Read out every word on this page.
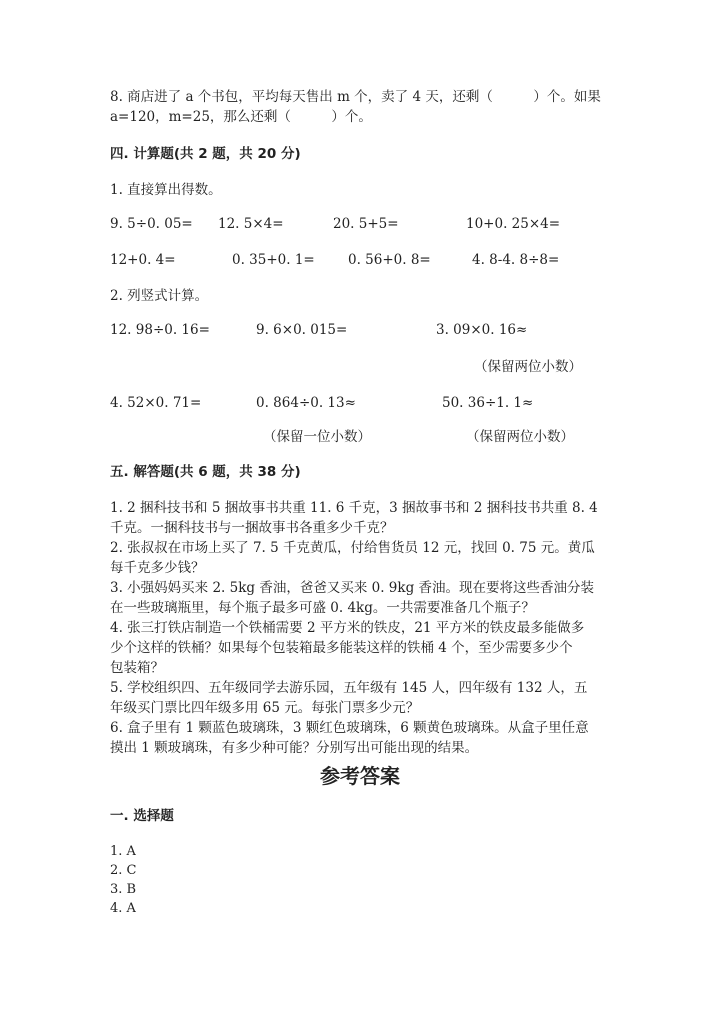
8. 商店进了 a 个书包，平均每天售出 m 个，卖了 4 天，还剩（　　　）个。如果
a=120，m=25，那么还剩（　　　）个。
四. 计算题(共 2 题，共 20 分)
1. 直接算出得数。
9. 5÷0. 05= 12. 5×4=	20. 5+5=	10+0. 25×4=
12+0. 4=	0. 35+0. 1= 0. 56+0. 8=	4. 8-4. 8÷8=
2. 列竖式计算。
12. 98÷0. 16=	9. 6×0. 015=	3. 09×0. 16≈
（保留两位小数）
4. 52×0. 71=	0. 864÷0. 13≈	50. 36÷1. 1≈
（保留一位小数）	（保留两位小数）
五. 解答题(共 6 题，共 38 分)
1. 2 捆科技书和 5 捆故事书共重 11. 6 千克，3 捆故事书和 2 捆科技书共重 8. 4
千克。一捆科技书与一捆故事书各重多少千克？
2. 张叔叔在市场上买了 7. 5 千克黄瓜，付给售货员 12 元，找回 0. 75 元。黄瓜
每千克多少钱？
3. 小强妈妈买来 2. 5kg 香油，爸爸又买来 0. 9kg 香油。现在要将这些香油分装
在一些玻璃瓶里，每个瓶子最多可盛 0. 4kg。一共需要准备几个瓶子？
4. 张三打铁店制造一个铁桶需要 2 平方米的铁皮，21 平方米的铁皮最多能做多
少个这样的铁桶？如果每个包装箱最多能装这样的铁桶 4 个，至少需要多少个
包装箱？
5. 学校组织四、五年级同学去游乐园，五年级有 145 人，四年级有 132 人，五
年级买门票比四年级多用 65 元。每张门票多少元？
6. 盒子里有 1 颗蓝色玻璃珠，3 颗红色玻璃珠，6 颗黄色玻璃珠。从盒子里任意
摸出 1 颗玻璃珠，有多少种可能？分别写出可能出现的结果。
参考答案
一. 选择题
1. A
2. C
3. B
4. A
